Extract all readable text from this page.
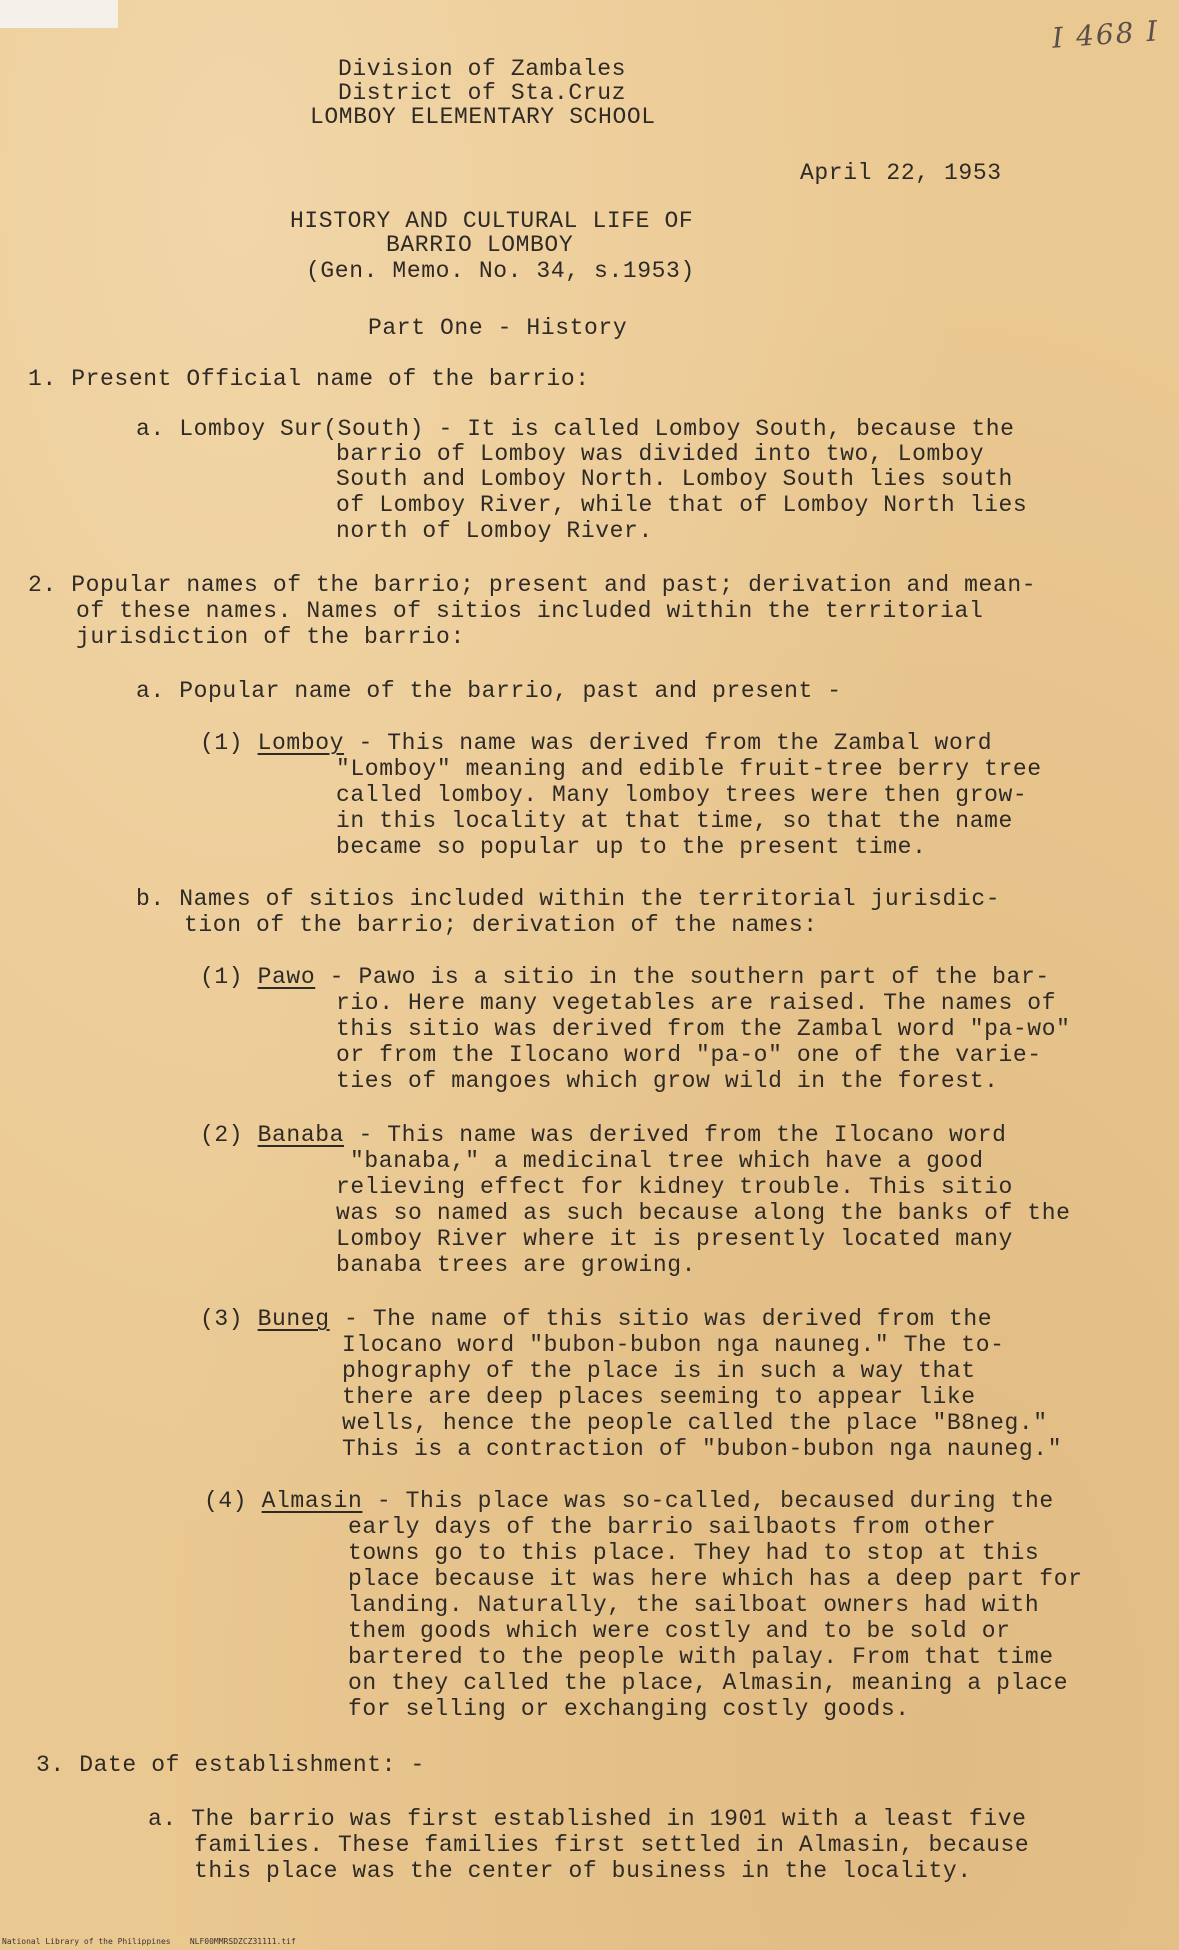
I 468 I
Division of Zambales
District of Sta.Cruz
LOMBOY ELEMENTARY SCHOOL
April 22, 1953
HISTORY AND CULTURAL LIFE OF
BARRIO LOMBOY
(Gen. Memo. No. 34, s.1953)
Part One - History
1. Present Official name of the barrio:
a. Lomboy Sur(South) - It is called Lomboy South, because the
barrio of Lomboy was divided into two, Lomboy
South and Lomboy North. Lomboy South lies south
of Lomboy River, while that of Lomboy North lies
north of Lomboy River.
2. Popular names of the barrio; present and past; derivation and mean-
of these names. Names of sitios included within the territorial
jurisdiction of the barrio:
a. Popular name of the barrio, past and present -
(1) Lomboy - This name was derived from the Zambal word
"Lomboy" meaning and edible fruit-tree berry tree
called lomboy. Many lomboy trees were then grow-
in this locality at that time, so that the name
became so popular up to the present time.
b. Names of sitios included within the territorial jurisdic-
tion of the barrio; derivation of the names:
(1) Pawo - Pawo is a sitio in the southern part of the bar-
rio. Here many vegetables are raised. The names of
this sitio was derived from the Zambal word "pa-wo"
or from the Ilocano word "pa-o" one of the varie-
ties of mangoes which grow wild in the forest.
(2) Banaba - This name was derived from the Ilocano word
"banaba," a medicinal tree which have a good
relieving effect for kidney trouble. This sitio
was so named as such because along the banks of the
Lomboy River where it is presently located many
banaba trees are growing.
(3) Buneg - The name of this sitio was derived from the
Ilocano word "bubon-bubon nga nauneg." The to-
phography of the place is in such a way that
there are deep places seeming to appear like
wells, hence the people called the place "B8neg."
This is a contraction of "bubon-bubon nga nauneg."
(4) Almasin - This place was so-called, becaused during the
early days of the barrio sailbaots from other
towns go to this place. They had to stop at this
place because it was here which has a deep part for
landing. Naturally, the sailboat owners had with
them goods which were costly and to be sold or
bartered to the people with palay. From that time
on they called the place, Almasin, meaning a place
for selling or exchanging costly goods.
3. Date of establishment: -
a. The barrio was first established in 1901 with a least five
families. These families first settled in Almasin, because
this place was the center of business in the locality.
National Library of the Philippines    NLF00MMRSDZCZ31111.tif
